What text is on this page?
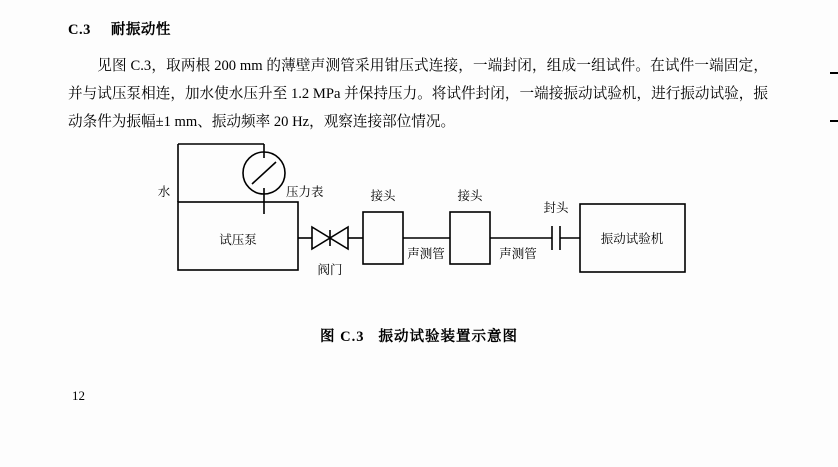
C.3 耐振动性

见图 C.3，取两根 200 mm 的薄壁声测管采用钳压式连接，一端封闭，组成一组试件。在试件一端固定，并与试压泵相连，加水使水压升至 1.2 MPa 并保持压力。将试件封闭，一端接振动试验机，进行振动试验，振动条件为振幅±1 mm、振动频率 20 Hz，观察连接部位情况。

水	压力表
试压泵
阀门
接头	接头
声测管	声测管
封头
振动试验机
图 C.3 振动试验装置示意图
12
